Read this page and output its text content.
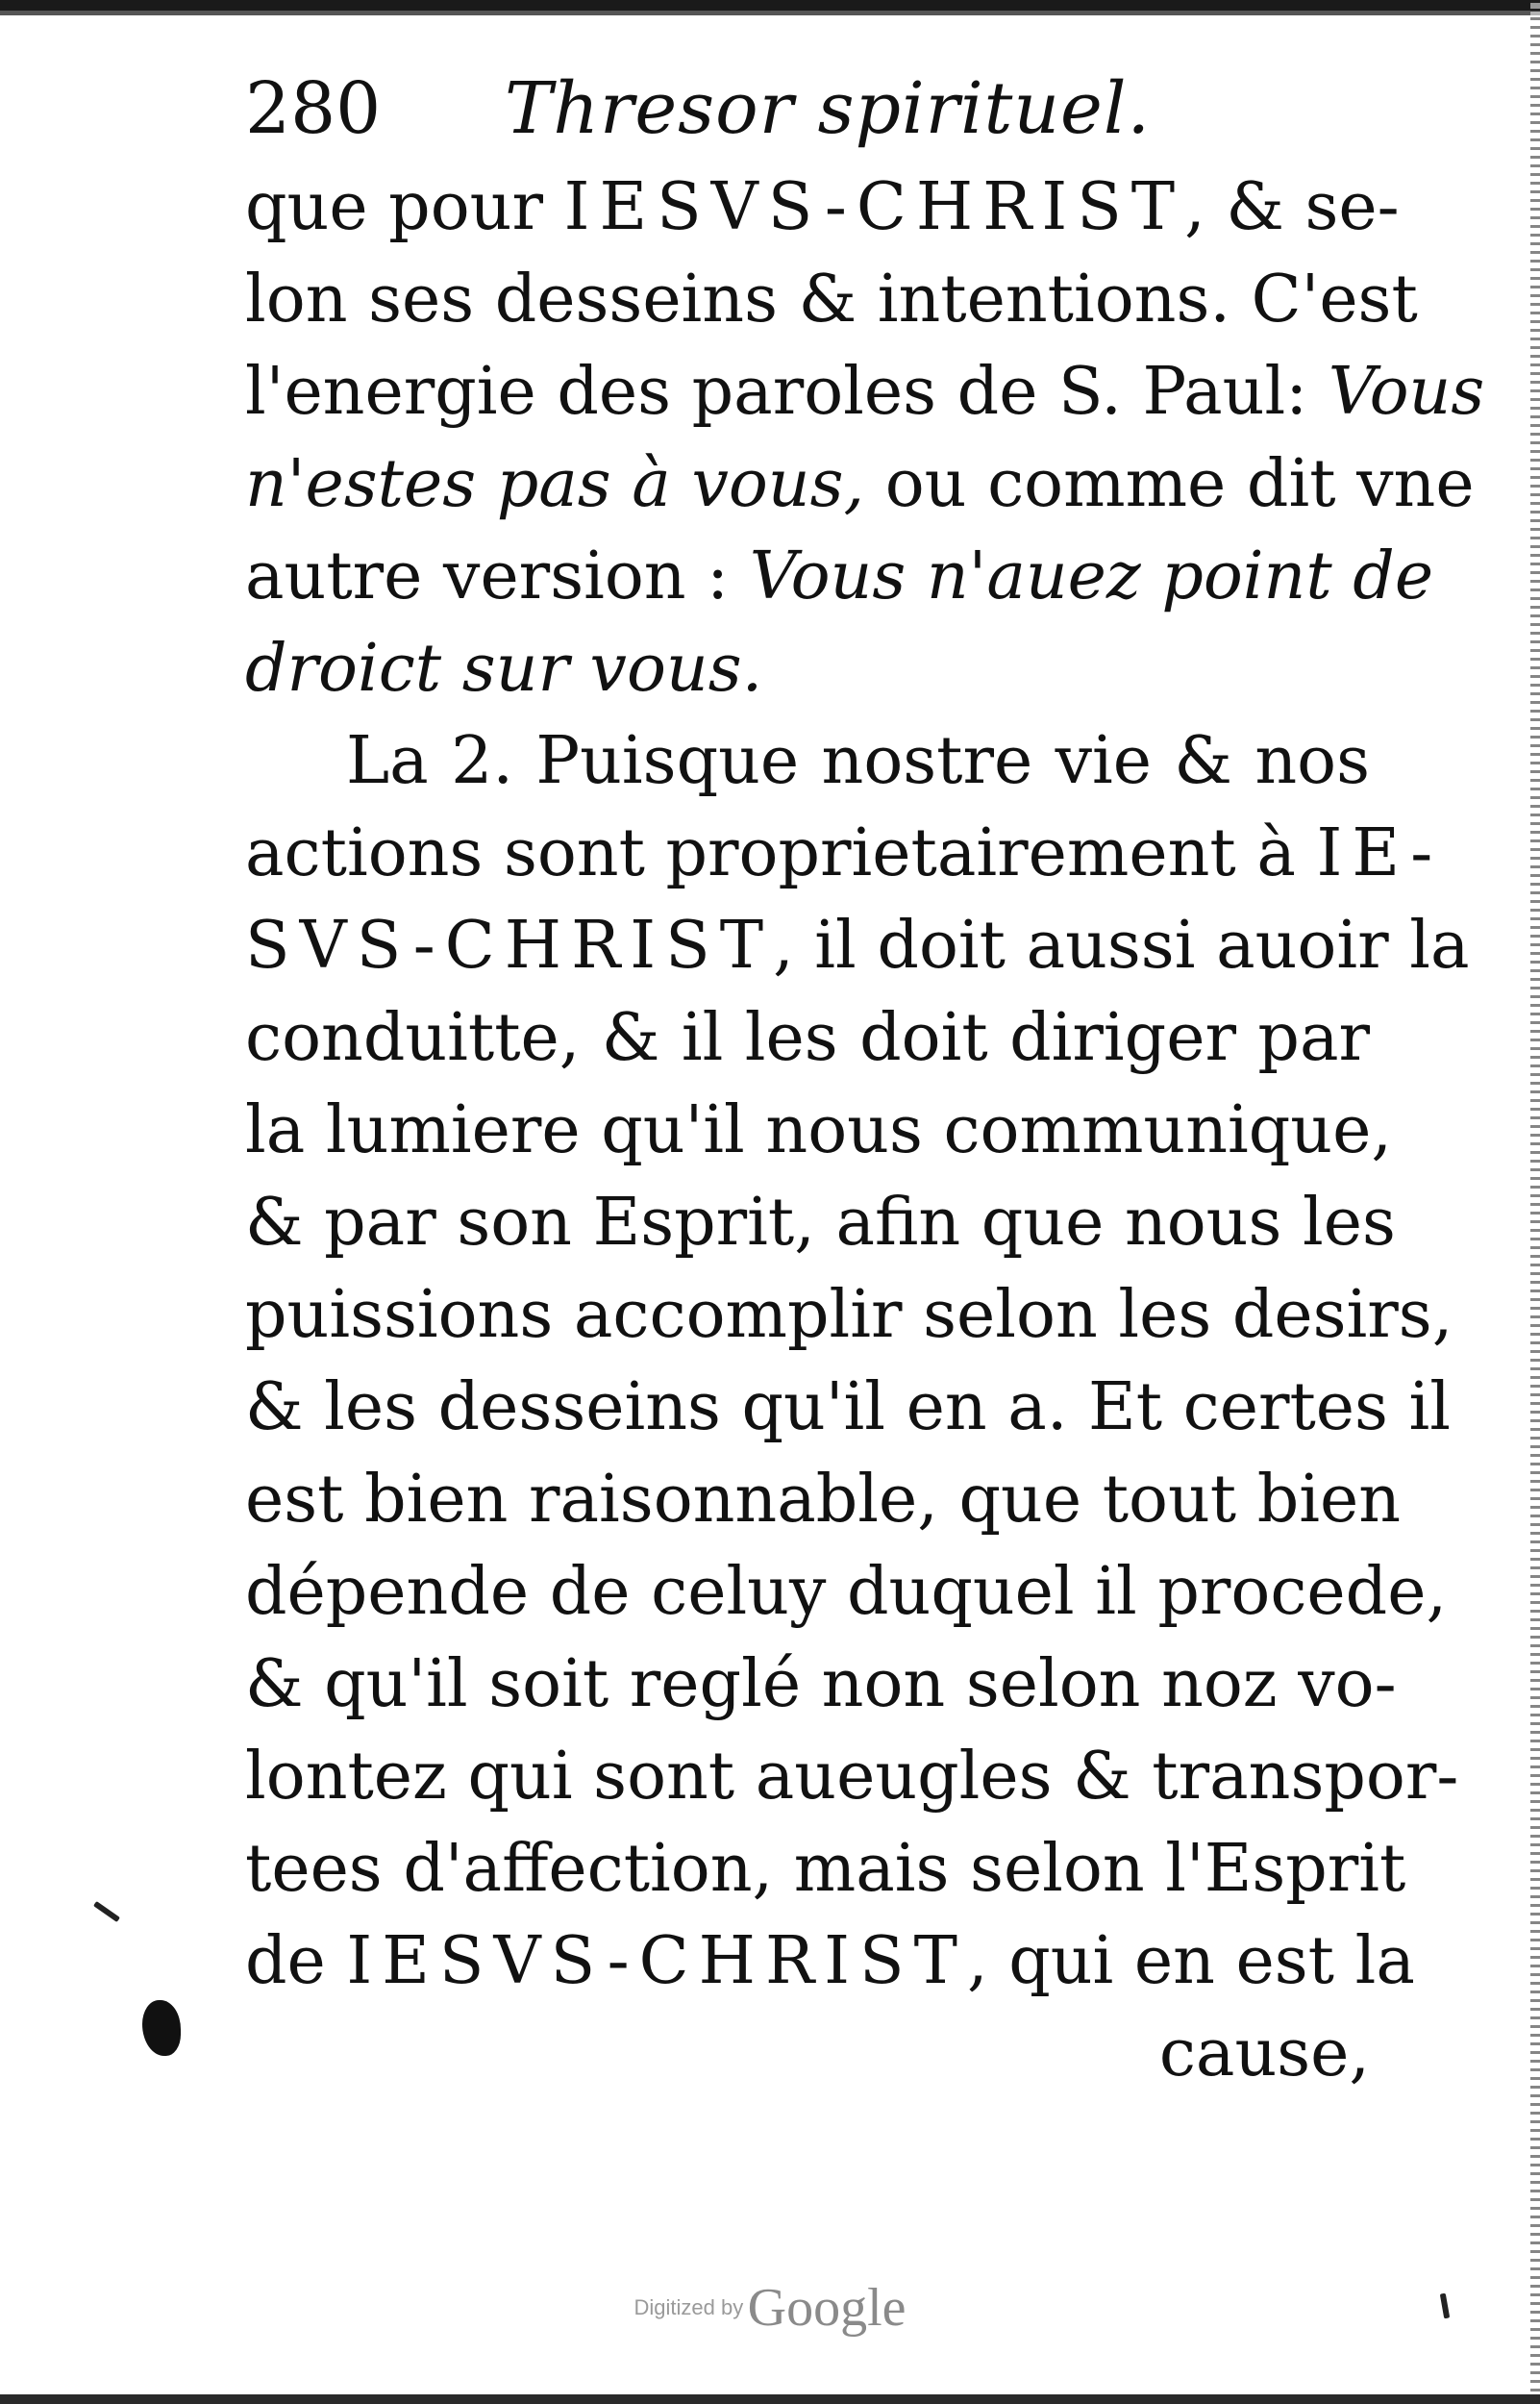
280	Thresor spirituel.
que pour IESVS-CHRIST, & se-
lon ses desseins & intentions. C'est
l'energie des paroles de S. Paul: Vous
n'estes pas à vous, ou comme dit vne
autre version : Vous n'auez point de
droict sur vous.
La 2. Puisque nostre vie & nos
actions sont proprietairement à IE-
SVS-CHRIST, il doit aussi auoir la
conduitte, & il les doit diriger par
la lumiere qu'il nous communique,
& par son Esprit, afin que nous les
puissions accomplir selon les desirs,
& les desseins qu'il en a. Et certes il
est bien raisonnable, que tout bien
dépende de celuy duquel il procede,
& qu'il soit reglé non selon noz vo-
lontez qui sont aueugles & transpor-
tees d'affection, mais selon l'Esprit
de IESVS-CHRIST, qui en est la
cause,
Digitized by Google
